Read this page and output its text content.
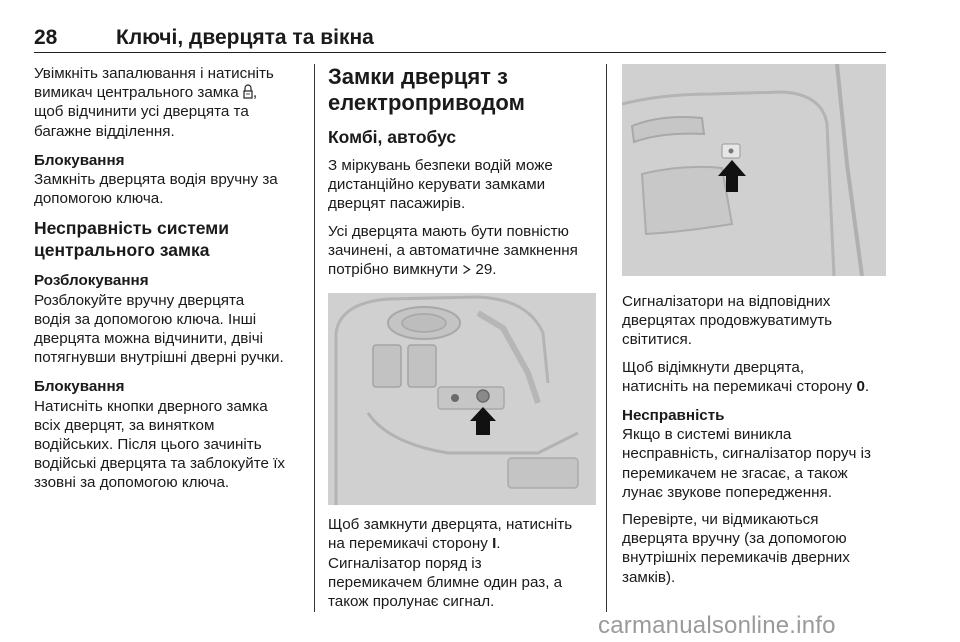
28	Ключі, дверцята та вікна

Увімкніть запалювання і натисніть
вимикач центрального замка ,
щоб відчинити усі дверцята та
багажне відділення.

Блокування

Замкніть дверцята водія вручну за
допомогою ключа.

Несправність системи
центрального замка

Розблокування

Розблокуйте вручну дверцята
водія за допомогою ключа. Інші
дверцята можна відчинити, двічі
потягнувши внутрішні дверні ручки.

Блокування

Натисніть кнопки дверного замка
всіх дверцят, за винятком
водійських. Після цього зачиніть
водійські дверцята та заблокуйте їх
ззовні за допомогою ключа.

Замки дверцят з
електроприводом

Комбі, автобус

З міркувань безпеки водій може
дистанційно керувати замками
дверцят пасажирів.

Усі дверцята мають бути повністю
зачинені, а автоматичне замкнення
потрібно вимкнути  29.

Щоб замкнути дверцята, натисніть
на перемикачі сторону I.
Сигналізатор поряд із
перемикачем блимне один раз, а
також пролунає сигнал.

Сигналізатори на відповідних
дверцятах продовжуватимуть
світитися.

Щоб відімкнути дверцята,
натисніть на перемикачі сторону 0.

Несправність

Якщо в системі виникла
несправність, сигналізатор поруч із
перемикачем не згасає, а також
лунає звукове попередження.

Перевірте, чи відмикаються
дверцята вручну (за допомогою
внутрішніх перемикачів дверних
замків).

carmanualsonline.info
